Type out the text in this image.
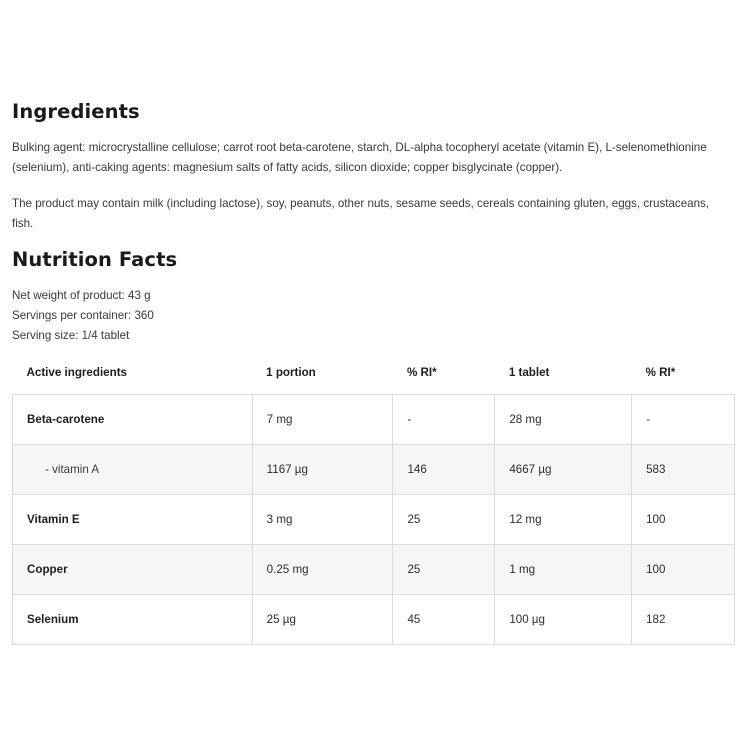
Ingredients

Bulking agent: microcrystalline cellulose; carrot root beta-carotene, starch, DL-alpha tocopheryl acetate (vitamin E), L-selenomethionine (selenium), anti-caking agents: magnesium salts of fatty acids, silicon dioxide; copper bisglycinate (copper).

The product may contain milk (including lactose), soy, peanuts, other nuts, sesame seeds, cereals containing gluten, eggs, crustaceans, fish.

Nutrition Facts
Net weight of product: 43 g
Servings per container: 360
Serving size: 1/4 tablet
Active ingredients	1 portion	% RI*	1 tablet	% RI*
Beta-carotene	7 mg	-	28 mg	-
- vitamin A	1167 µg	146	4667 µg	583
Vitamin E	3 mg	25	12 mg	100
Copper	0.25 mg	25	1 mg	100
Selenium	25 µg	45	100 µg	182
